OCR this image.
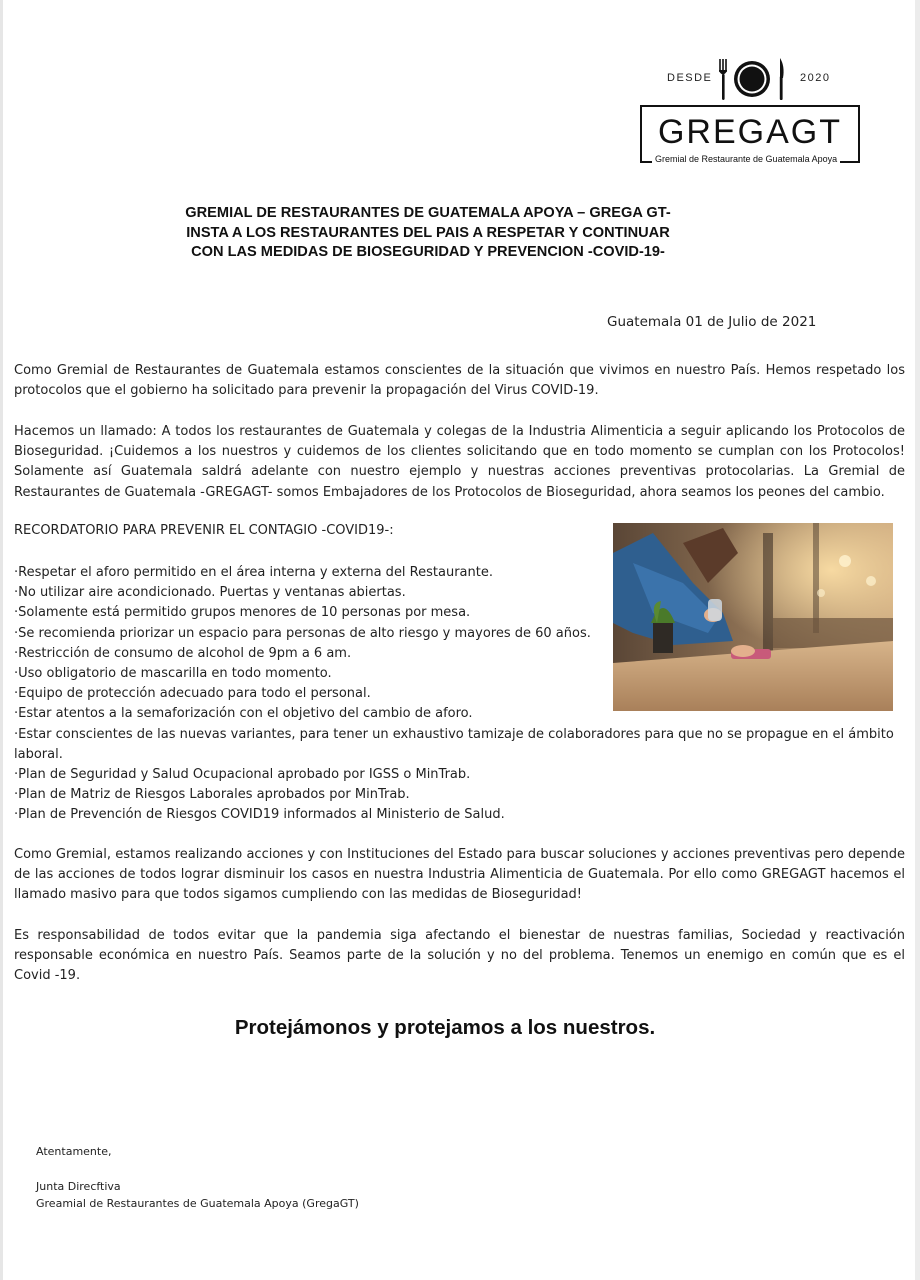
DESDE	2020
GREGAGT
Gremial de Restaurante de Guatemala Apoya
GREMIAL DE RESTAURANTES DE GUATEMALA APOYA – GREGA GT-
INSTA A LOS RESTAURANTES DEL PAIS A RESPETAR Y CONTINUAR
CON LAS MEDIDAS DE BIOSEGURIDAD Y PREVENCION -COVID-19-
Guatemala 01 de Julio de 2021
Como Gremial de Restaurantes de Guatemala estamos conscientes de la situación que vivimos en nuestro País. Hemos respetado los protocolos que el gobierno ha solicitado para prevenir la propagación del Virus COVID-19.
Hacemos un llamado: A todos los restaurantes de Guatemala y colegas de la Industria Alimenticia a seguir aplicando los Protocolos de Bioseguridad. ¡Cuidemos a los nuestros y cuidemos de los clientes solicitando que en todo momento se cumplan con los Protocolos! Solamente así Guatemala saldrá adelante con nuestro ejemplo y nuestras acciones preventivas protocolarias. La Gremial de Restaurantes de Guatemala -GREGAGT- somos Embajadores de los Protocolos de Bioseguridad, ahora seamos los peones del cambio.
RECORDATORIO PARA PREVENIR EL CONTAGIO -COVID19-:
·Respetar el aforo permitido en el área interna y externa del Restaurante.
·No utilizar aire acondicionado. Puertas y ventanas abiertas.
·Solamente está permitido grupos menores de 10 personas por mesa.
·Se recomienda priorizar un espacio para personas de alto riesgo y mayores de 60 años.
·Restricción de consumo de alcohol de 9pm a 6 am.
·Uso obligatorio de mascarilla en todo momento.
·Equipo de protección adecuado para todo el personal.
·Estar atentos a la semaforización con el objetivo del cambio de aforo.
·Estar conscientes de las nuevas variantes, para tener un exhaustivo tamizaje de colaboradores para que no se propague en el ámbito laboral.
·Plan de Seguridad y Salud Ocupacional aprobado por IGSS o MinTrab.
·Plan de Matriz de Riesgos Laborales aprobados por MinTrab.
·Plan de Prevención de Riesgos COVID19 informados al Ministerio de Salud.
Como Gremial, estamos realizando acciones y con Instituciones del Estado para buscar soluciones y acciones preventivas pero depende de las acciones de todos lograr disminuir los casos en nuestra Industria Alimenticia de Guatemala. Por ello como GREGAGT hacemos el llamado masivo para que todos sigamos cumpliendo con las medidas de Bioseguridad!
Es responsabilidad de todos evitar que la pandemia siga afectando el bienestar de nuestras familias, Sociedad y reactivación responsable económica en nuestro País. Seamos parte de la solución y no del problema. Tenemos un enemigo en común que es el Covid -19.
Protejámonos y protejamos a los nuestros.
Atentamente,
Junta Direcftiva
Greamial de Restaurantes de Guatemala Apoya (GregaGT)
